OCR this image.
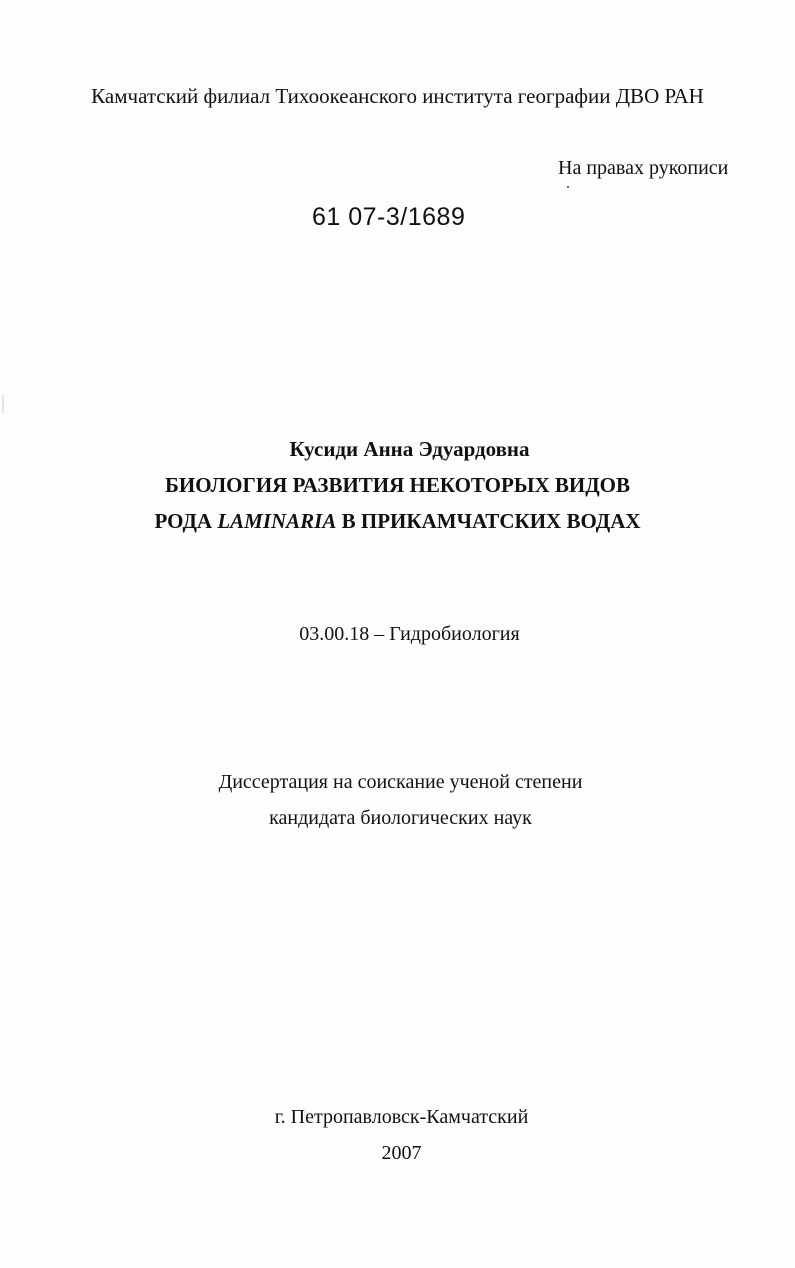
Камчатский филиал Тихоокеанского института географии ДВО РАН
На правах рукописи
61 07-3/1689
Кусиди Анна Эдуардовна
БИОЛОГИЯ РАЗВИТИЯ НЕКОТОРЫХ ВИДОВ
РОДА LAMINARIA В ПРИКАМЧАТСКИХ ВОДАХ
03.00.18 – Гидробиология
Диссертация на соискание ученой степени
кандидата биологических наук
г. Петропавловск-Камчатский
2007
